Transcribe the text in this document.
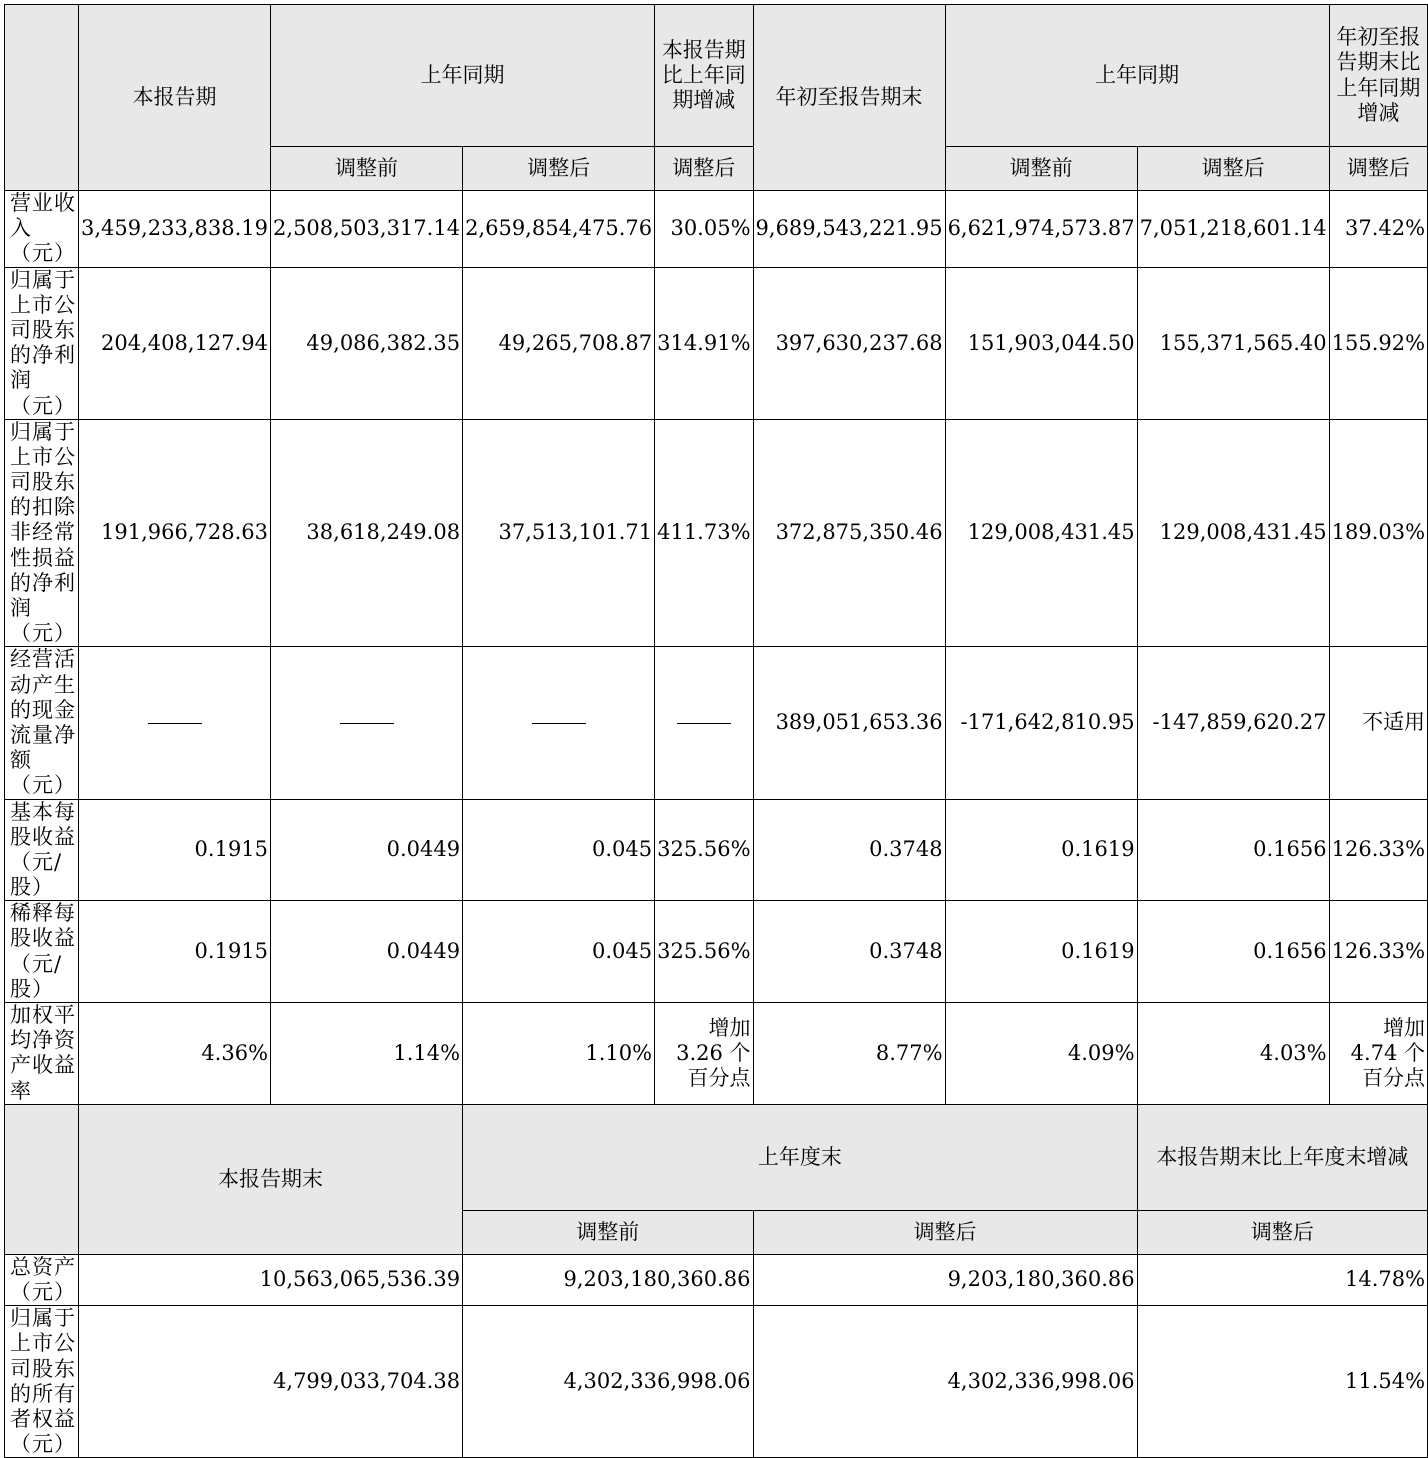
	本报告期	上年同期		本报告期比上年同期增减	年初至报告期末	上年同期		年初至报告期末比上年同期增减
		调整前	调整后	调整后		调整前	调整后	调整后
营业收入（元）	3,459,233,838.19	2,508,503,317.14	2,659,854,475.76	30.05%	9,689,543,221.95	6,621,974,573.87	7,051,218,601.14	37.42%
归属于上市公司股东的净利润（元）	204,408,127.94	49,086,382.35	49,265,708.87	314.91%	397,630,237.68	151,903,044.50	155,371,565.40	155.92%
归属于上市公司股东的扣除非经常性损益的净利润（元）	191,966,728.63	38,618,249.08	37,513,101.71	411.73%	372,875,350.46	129,008,431.45	129,008,431.45	189.03%
经营活动产生的现金流量净额（元）					389,051,653.36	-171,642,810.95	-147,859,620.27	不适用
基本每股收益（元/股）	0.1915	0.0449	0.045	325.56%	0.3748	0.1619	0.1656	126.33%
稀释每股收益（元/股）	0.1915	0.0449	0.045	325.56%	0.3748	0.1619	0.1656	126.33%
加权平均净资产收益率	4.36%	1.14%	1.10%	增加 3.26 个百分点	8.77%	4.09%	4.03%	增加 4.74 个百分点
	本报告期末		上年度末				本报告期末比上年度末增减	
			调整前		调整后		调整后	
总资产（元）	10,563,065,536.39		9,203,180,360.86		9,203,180,360.86		14.78%	
归属于上市公司股东的所有者权益（元）	4,799,033,704.38		4,302,336,998.06		4,302,336,998.06		11.54%	
